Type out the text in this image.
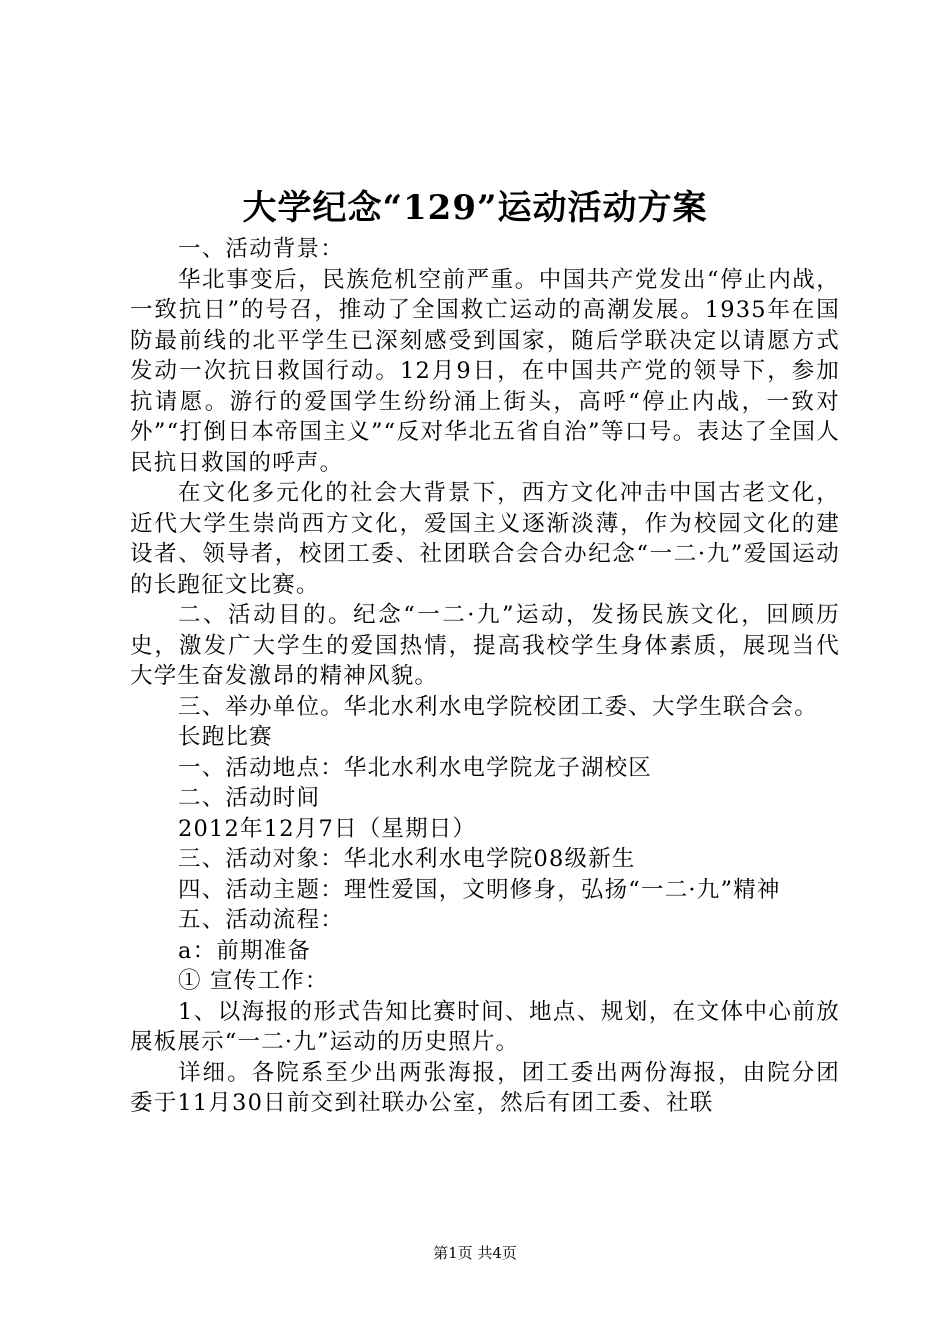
大学纪念“129”运动活动方案

一、活动背景：

华北事变后，民族危机空前严重。中国共产党发出“停止内战，一致抗日”的号召，推动了全国救亡运动的高潮发展。1935年在国防最前线的北平学生已深刻感受到国家，随后学联决定以请愿方式发动一次抗日救国行动。12月9日，在中国共产党的领导下，参加抗请愿。游行的爱国学生纷纷涌上街头，高呼“停止内战，一致对外”“打倒日本帝国主义”“反对华北五省自治”等口号。表达了全国人民抗日救国的呼声。

在文化多元化的社会大背景下，西方文化冲击中国古老文化，近代大学生崇尚西方文化，爱国主义逐渐淡薄，作为校园文化的建设者、领导者，校团工委、社团联合会合办纪念“一二·九”爱国运动的长跑征文比赛。

二、活动目的。纪念“一二·九”运动，发扬民族文化，回顾历史，激发广大学生的爱国热情，提高我校学生身体素质，展现当代大学生奋发激昂的精神风貌。

三、举办单位。华北水利水电学院校团工委、大学生联合会。

长跑比赛

一、活动地点：华北水利水电学院龙子湖校区

二、活动时间

2012年12月7日（星期日）

三、活动对象：华北水利水电学院08级新生

四、活动主题：理性爱国，文明修身，弘扬“一二·九”精神

五、活动流程：

a：前期准备

① 宣传工作：

1、以海报的形式告知比赛时间、地点、规划，在文体中心前放展板展示“一二·九”运动的历史照片。

详细。各院系至少出两张海报，团工委出两份海报，由院分团委于11月30日前交到社联办公室，然后有团工委、社联

第1页 共4页
